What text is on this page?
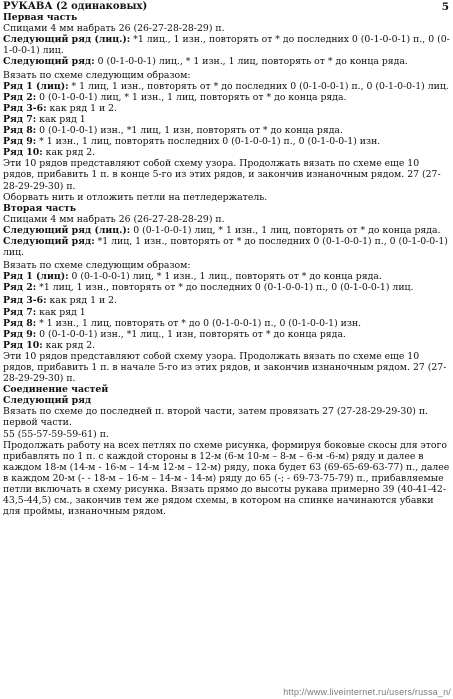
5

РУКАВА (2 одинаковых)

Первая часть

Спицами 4 мм набрать 26 (26-27-28-28-29) п.

Следующий ряд (лиц.): *1 лиц., 1 изн., повторять от * до последних 0 (0-1-0-0-1) п., 0 (0-1-0-0-1) лиц.

Следующий ряд: 0 (0-1-0-0-1) лиц., * 1 изн., 1 лиц, повторять от * до конца ряда.

Вязать по схеме следующим образом:

Ряд 1 (лиц): * 1 лиц, 1 изн., повторять от * до последних 0 (0-1-0-0-1) п., 0 (0-1-0-0-1) лиц.

Ряд 2: 0 (0-1-0-0-1) лиц, * 1 изн., 1 лиц, повторять от * до конца ряда.

Ряд 3-6: как ряд 1 и 2.

Ряд 7: как ряд 1

Ряд 8: 0 (0-1-0-0-1) изн., *1 лиц, 1 изн, повторять от * до конца ряда.

Ряд 9: * 1 изн., 1 лиц, повторять последних 0 (0-1-0-0-1) п., 0 (0-1-0-0-1) изн.

Ряд 10: как ряд 2.

Эти 10 рядов представляют собой схему узора. Продолжать вязать по схеме еще 10 рядов, прибавить 1 п. в конце 5-го из этих рядов, и закончив изнаночным рядом. 27 (27-28-29-29-30) п.

Оборвать нить и отложить петли на петледержатель.

Вторая часть

Спицами 4 мм набрать 26 (26-27-28-28-29) п.

Следующий ряд (лиц.): 0 (0-1-0-0-1) лиц, * 1 изн., 1 лиц, повторять от * до конца ряда.

Следующий ряд: *1 лиц, 1 изн., повторять от * до последних 0 (0-1-0-0-1) п., 0 (0-1-0-0-1) лиц.

Вязать по схеме следующим образом:

Ряд 1 (лиц): 0 (0-1-0-0-1) лиц, * 1 изн., 1 лиц., повторять от * до конца ряда.

Ряд 2: *1 лиц, 1 изн., повторять от * до последних 0 (0-1-0-0-1) п., 0 (0-1-0-0-1) лиц.

Ряд 3-6: как ряд 1 и 2.

Ряд 7: как ряд 1

Ряд 8: * 1 изн., 1 лиц, повторять от * до 0 (0-1-0-0-1) п., 0 (0-1-0-0-1) изн.

Ряд 9: 0 (0-1-0-0-1) изн., *1 лиц., 1 изн, повторять от * до конца ряда.

Ряд 10: как ряд 2.

Эти 10 рядов представляют собой схему узора. Продолжать вязать по схеме еще 10 рядов, прибавить 1 п. в начале 5-го из этих рядов, и закончив изнаночным рядом. 27 (27-28-29-29-30) п.

Соединение частей

Следующий ряд

Вязать по схеме до последней п. второй части, затем провязать 27 (27-28-29-29-30) п. первой части.

55 (55-57-59-59-61) п.

Продолжать работу на всех петлях по схеме рисунка, формируя боковые скосы для этого прибавлять по 1 п. с каждой стороны в 12-м (6-м 10-м – 8-м – 6-м -6-м) ряду и далее в каждом 18-м (14-м - 16-м – 14-м 12-м – 12-м) ряду, пока будет 63 (69-65-69-63-77) п., далее в каждом 20-м (- - 18-м – 16-м – 14-м - 14-м) ряду до 65 (-; - 69-73-75-79) п., прибавляемые петли включать в схему рисунка. Вязать прямо до высоты рукава примерно 39 (40-41-42-43,5-44,5) см., закончив тем же рядом схемы, в котором на спинке начинаются убавки для проймы, изнаночным рядом.

http://www.liveinternet.ru/users/russa_n/
